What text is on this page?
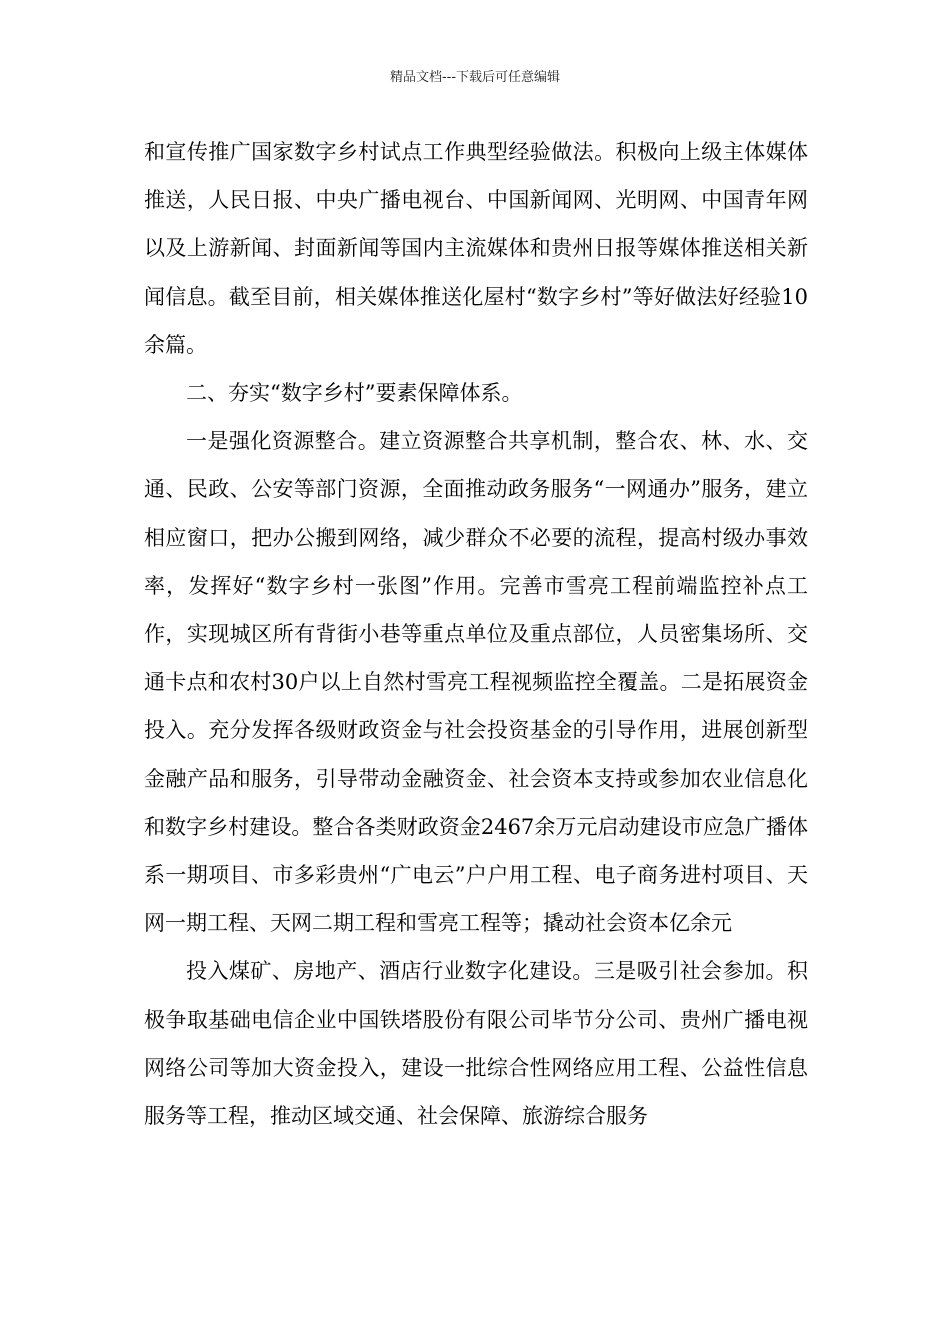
精品文档---下载后可任意编辑

和宣传推广国家数字乡村试点工作典型经验做法。积极向上级主体媒体推送，人民日报、中央广播电视台、中国新闻网、光明网、中国青年网以及上游新闻、封面新闻等国内主流媒体和贵州日报等媒体推送相关新闻信息。截至目前，相关媒体推送化屋村“数字乡村”等好做法好经验10余篇。

二、夯实“数字乡村”要素保障体系。

一是强化资源整合。建立资源整合共享机制，整合农、林、水、交通、民政、公安等部门资源，全面推动政务服务“一网通办”服务，建立相应窗口，把办公搬到网络，减少群众不必要的流程，提高村级办事效率，发挥好“数字乡村一张图”作用。完善市雪亮工程前端监控补点工作，实现城区所有背街小巷等重点单位及重点部位，人员密集场所、交通卡点和农村30户以上自然村雪亮工程视频监控全覆盖。二是拓展资金投入。充分发挥各级财政资金与社会投资基金的引导作用，进展创新型金融产品和服务，引导带动金融资金、社会资本支持或参加农业信息化和数字乡村建设。整合各类财政资金2467余万元启动建设市应急广播体系一期项目、市多彩贵州“广电云”户户用工程、电子商务进村项目、天网一期工程、天网二期工程和雪亮工程等；撬动社会资本亿余元

投入煤矿、房地产、酒店行业数字化建设。三是吸引社会参加。积极争取基础电信企业中国铁塔股份有限公司毕节分公司、贵州广播电视网络公司等加大资金投入，建设一批综合性网络应用工程、公益性信息服务等工程，推动区域交通、社会保障、旅游综合服务
